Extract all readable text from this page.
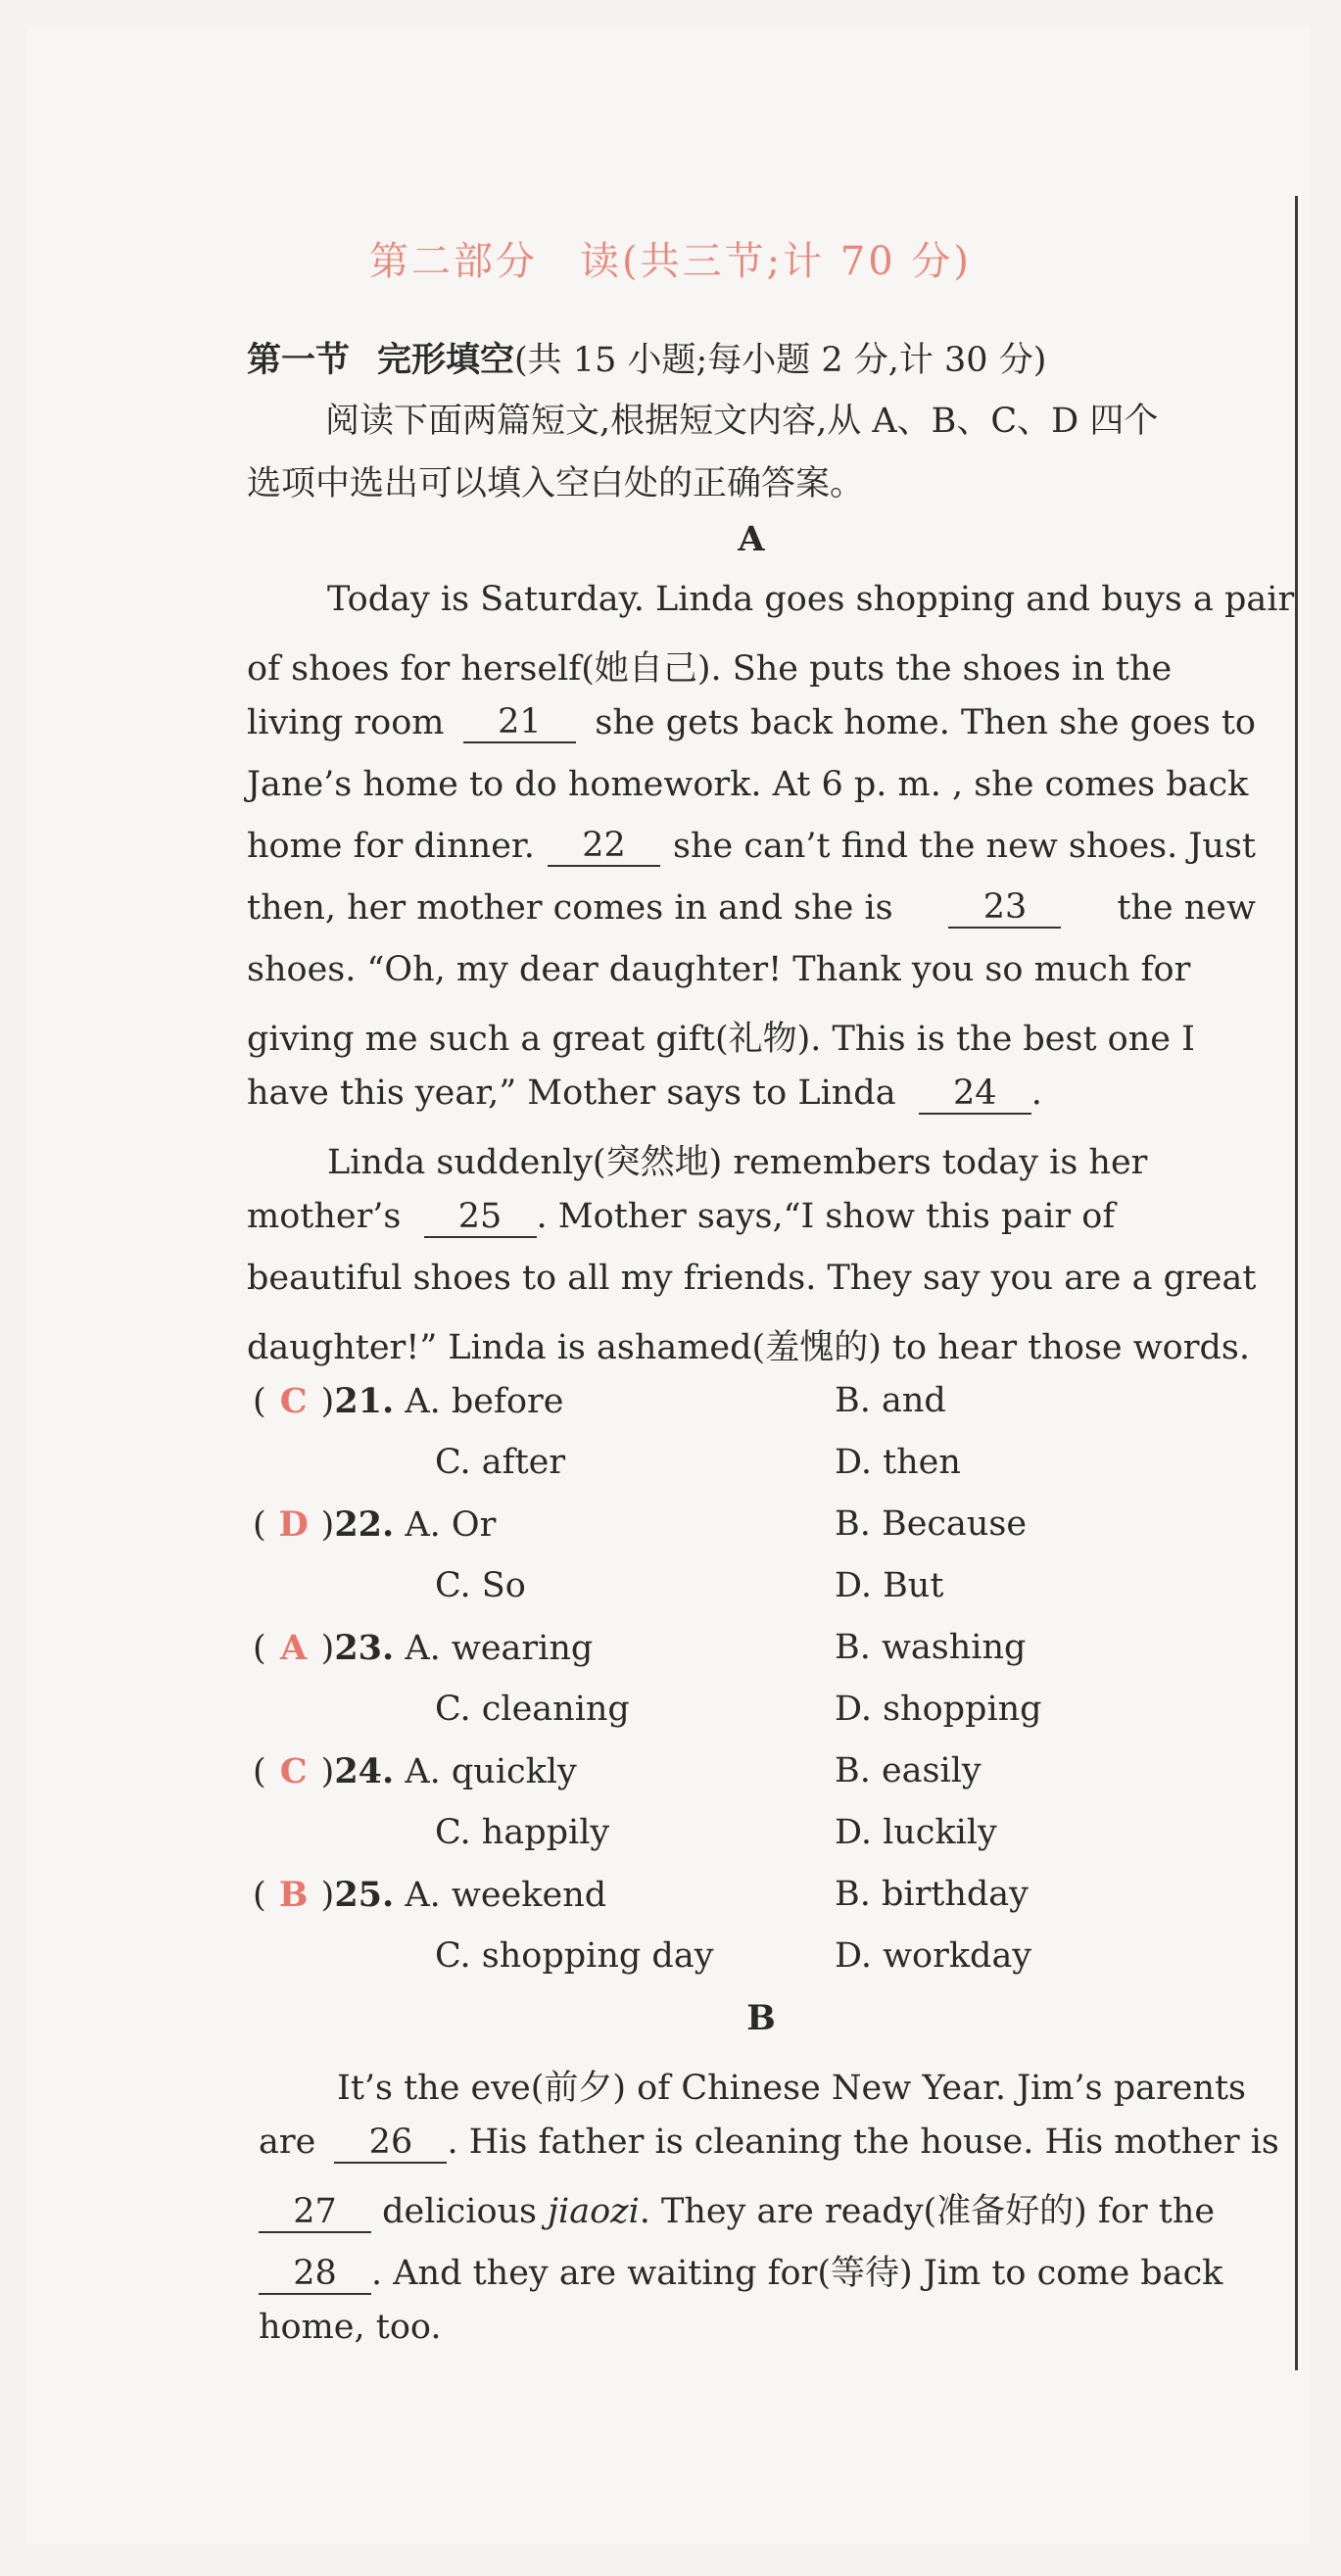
第二部分　读(共三节;计 70 分)
第一节 完形填空(共 15 小题;每小题 2 分,计 30 分)
阅读下面两篇短文,根据短文内容,从 A、B、C、D 四个
选项中选出可以填入空白处的正确答案。
A
Today is Saturday. Linda goes shopping and buys a pair
of shoes for herself(她自己). She puts the shoes in the
living room	21	she gets back home. Then she goes to
Jane’s home to do homework. At 6 p. m. , she comes back
home for dinner.	22	she can’t find the new shoes. Just
then, her mother comes in and she is	23	the new
shoes. “Oh, my dear daughter! Thank you so much for
giving me such a great gift(礼物). This is the best one I
have this year,” Mother says to Linda 24 .
Linda suddenly(突然地) remembers today is her
mother’s 25 . Mother says,“I show this pair of
beautiful shoes to all my friends. They say you are a great
daughter!” Linda is ashamed(羞愧的) to hear those words.
( C )21. A. before	B. and
C. after	D. then
( D )22. A. Or	B. Because
C. So	D. But
( A )23. A. wearing	B. washing
C. cleaning	D. shopping
( C )24. A. quickly	B. easily
C. happily	D. luckily
( B )25. A. weekend	B. birthday
C. shopping day	D. workday
B
It’s the eve(前夕) of Chinese New Year. Jim’s parents
are 26 . His father is cleaning the house. His mother is
27 delicious jiaozi. They are ready(准备好的) for the
28 . And they are waiting for(等待) Jim to come back
home, too.
